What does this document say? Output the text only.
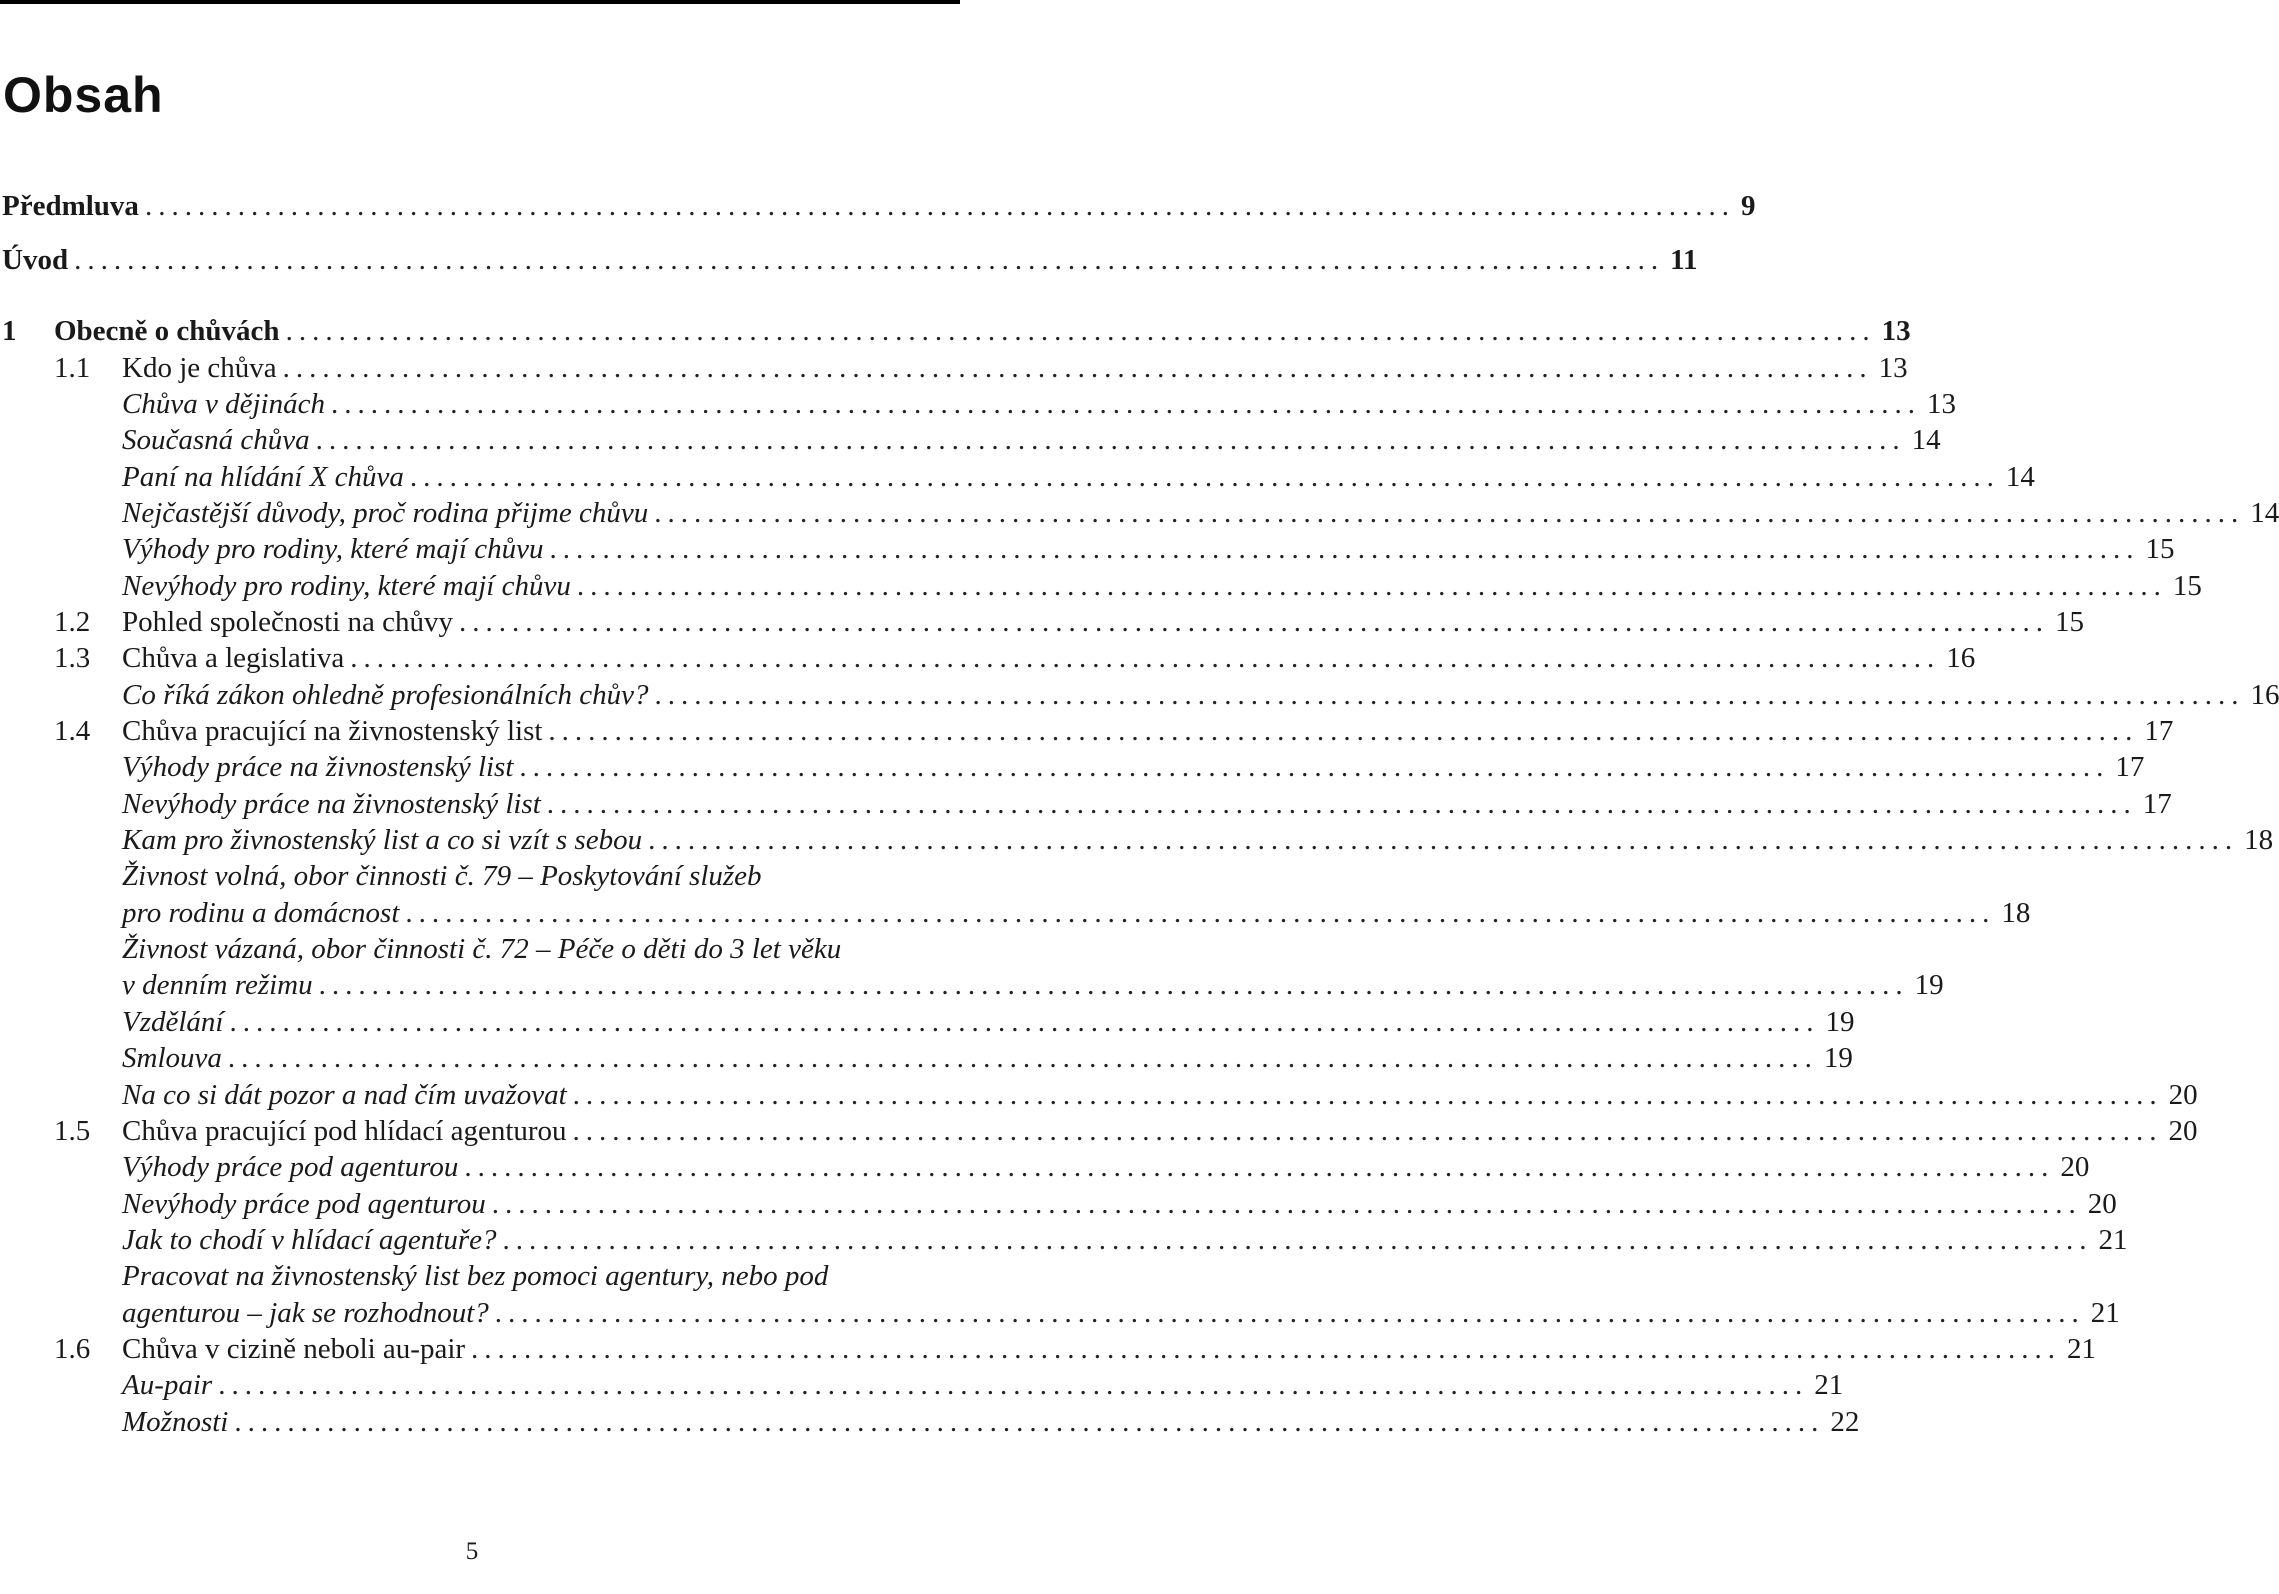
Obsah
Předmluva ........................................................................................................................ 9
Úvod ........................................................................................................................ 11
1 Obecně o chůvách ........................................................................................................................ 13
1.1 Kdo je chůva ........................................................................................................................ 13
Chůva v dějinách ........................................................................................................................ 13
Současná chůva ........................................................................................................................ 14
Paní na hlídání X chůva ........................................................................................................................ 14
Nejčastější důvody, proč rodina přijme chůvu ........................................................................................................................ 14
Výhody pro rodiny, které mají chůvu ........................................................................................................................ 15
Nevýhody pro rodiny, které mají chůvu ........................................................................................................................ 15
1.2 Pohled společnosti na chůvy ........................................................................................................................ 15
1.3 Chůva a legislativa ........................................................................................................................ 16
Co říká zákon ohledně profesionálních chův? ........................................................................................................................ 16
1.4 Chůva pracující na živnostenský list ........................................................................................................................ 17
Výhody práce na živnostenský list ........................................................................................................................ 17
Nevýhody práce na živnostenský list ........................................................................................................................ 17
Kam pro živnostenský list a co si vzít s sebou ........................................................................................................................ 18
Živnost volná, obor činnosti č. 79 – Poskytování služeb
pro rodinu a domácnost ........................................................................................................................ 18
Živnost vázaná, obor činnosti č. 72 – Péče o děti do 3 let věku
v denním režimu ........................................................................................................................ 19
Vzdělání ........................................................................................................................ 19
Smlouva ........................................................................................................................ 19
Na co si dát pozor a nad čím uvažovat ........................................................................................................................ 20
1.5 Chůva pracující pod hlídací agenturou ........................................................................................................................ 20
Výhody práce pod agenturou ........................................................................................................................ 20
Nevýhody práce pod agenturou ........................................................................................................................ 20
Jak to chodí v hlídací agentuře? ........................................................................................................................ 21
Pracovat na živnostenský list bez pomoci agentury, nebo pod
agenturou – jak se rozhodnout? ........................................................................................................................ 21
1.6 Chůva v cizině neboli au-pair ........................................................................................................................ 21
Au-pair ........................................................................................................................ 21
Možnosti ........................................................................................................................ 22
5
